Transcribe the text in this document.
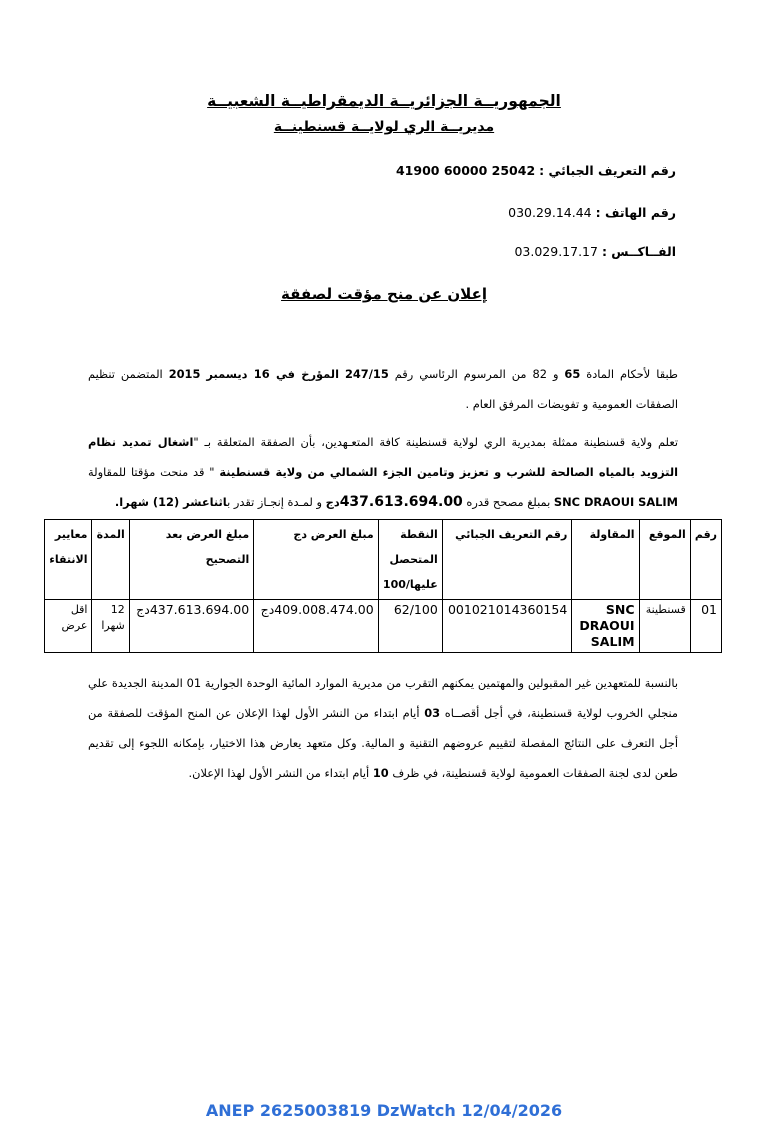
الجمهوريــة الجزائريــة الديمقراطيــة الشعبيــة
مديريــة الري لولايــة قسنطينــة
رقم التعريف الجبائي : 41900 60000 25042
رقم الهاتف : 030.29.14.44
الفــاكــس : 03.029.17.17
إعلان عن منح مؤقت لصفقة
طبقا لأحكام المادة 65 و 82 من المرسوم الرئاسي رقم 247/15 المؤرخ في 16 ديسمبر 2015 المتضمن تنظيم الصفقات العمومية و تفويضات المرفق العام .
تعلم ولاية قسنطينة ممثلة بمديرية الري لولاية قسنطينة كافة المتعـهدين، بأن الصفقة المتعلقة بـ "اشغال تمديد نظام التزويد بالمياه الصالحة للشرب و تعزيز وتامين الجزء الشمالي من ولاية قسنطينة " قد منحت مؤقتا للمقاولة SNC DRAOUI SALIM بمبلغ مصحح قدره 437.613.694.00دج و لمـدة إنجـاز تقدر باثناعشر (12) شهرا.
رقم	الموقع	المقاولة	رقم التعريف الجبائي	النقطة المتحصل عليها/100	مبلغ العرض دج	مبلغ العرض بعد التصحيح	المدة	معايير الانتقاء
01	قسنطينة	SNC DRAOUI SALIM	001021014360154	62/100	409.008.474.00دج	437.613.694.00دج	12 شهرا	اقل عرض
بالنسبة للمتعهدين غير المقبولين والمهتمين يمكنهم التقرب من مديرية الموارد المائية الوحدة الجوارية 01 المدينة الجديدة علي منجلي الخروب لولاية قسنطينة، في أجل أقصــاه 03 أيام ابتداء من النشر الأول لهذا الإعلان عن المنح المؤقت للصفقة من أجل التعرف على النتائج المفصلة لتقييم عروضهم التقنية و المالية. وكل متعهد يعارض هذا الاختيار، بإمكانه اللجوء إلى تقديم طعن لدى لجنة الصفقات العمومية لولاية قسنطينة، في ظرف 10 أيام ابتداء من النشر الأول لهذا الإعلان.
ANEP 2625003819 DzWatch 12/04/2026
